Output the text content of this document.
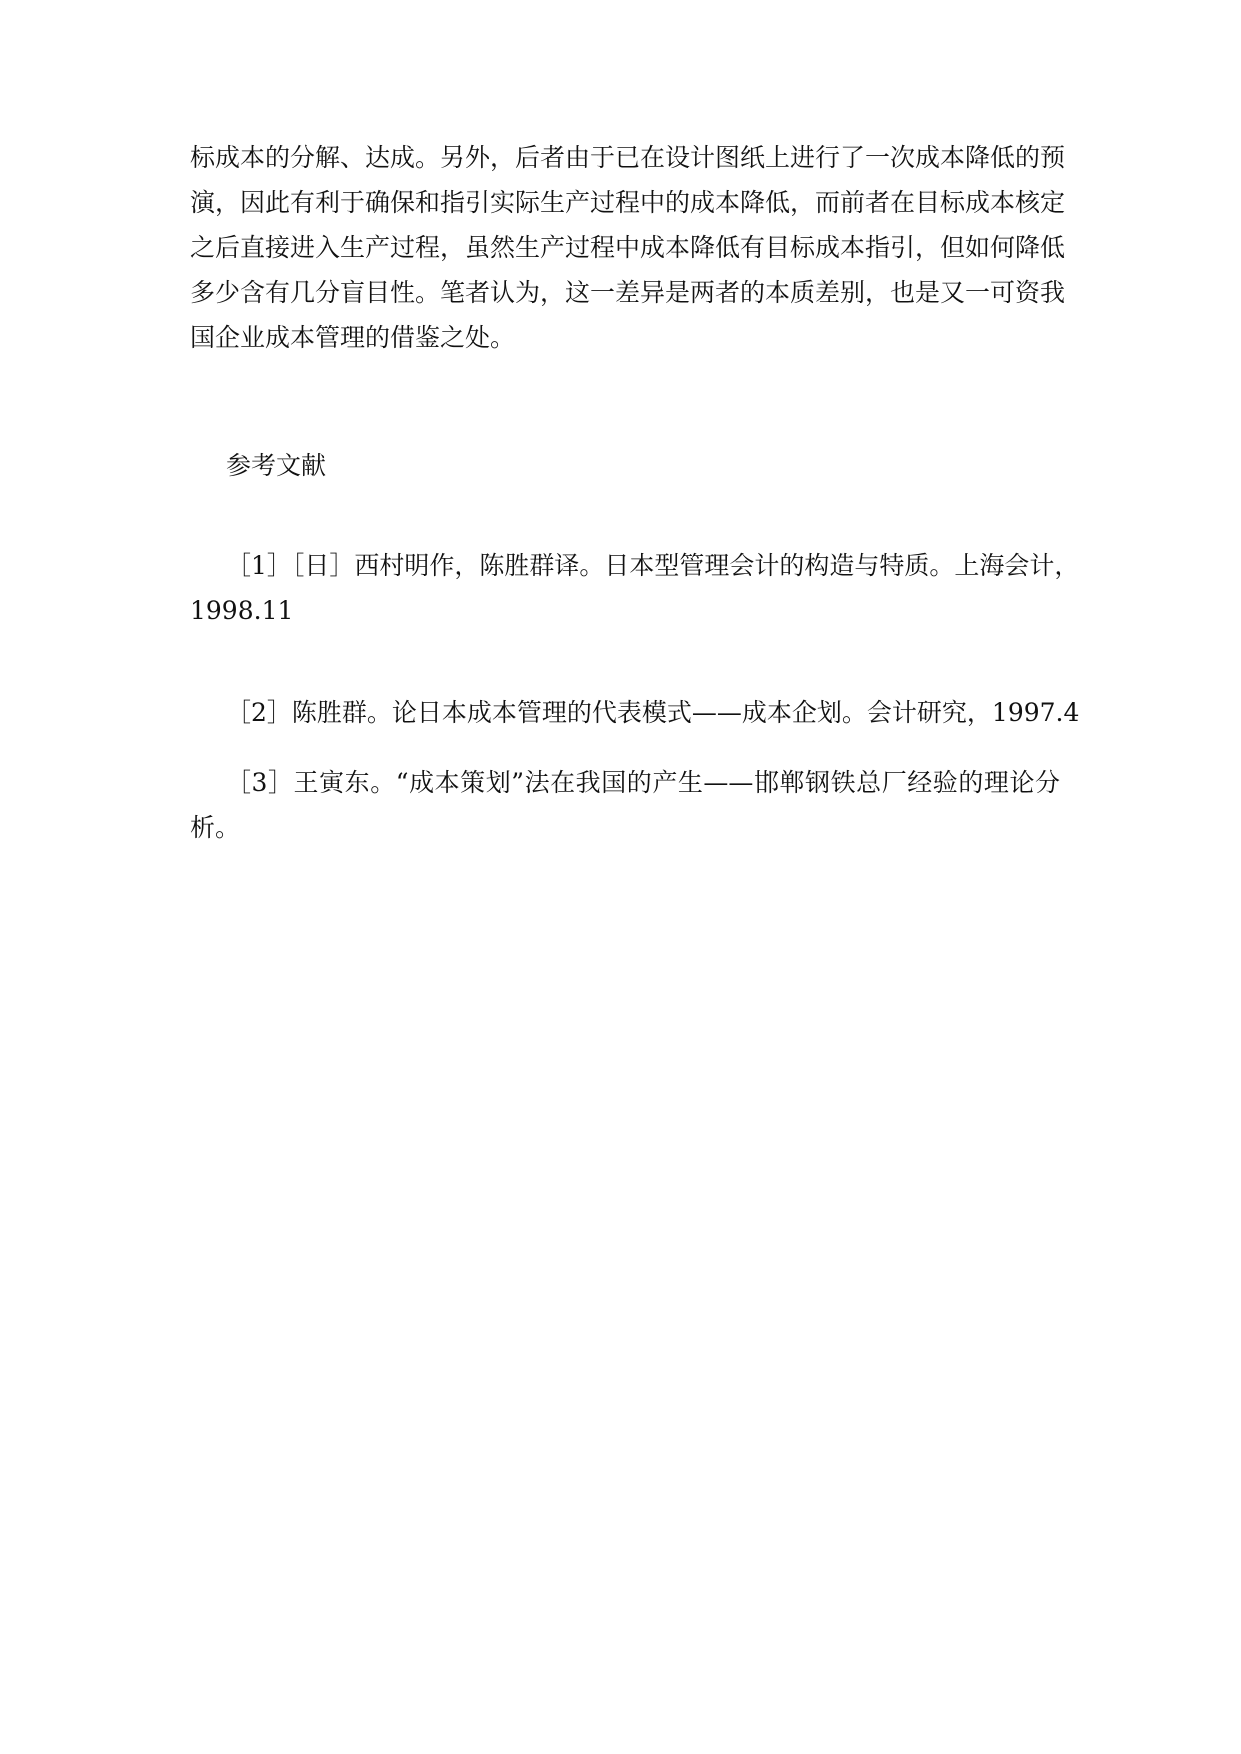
标成本的分解、达成。另外，后者由于已在设计图纸上进行了一次成本降低的预
演，因此有利于确保和指引实际生产过程中的成本降低，而前者在目标成本核定
之后直接进入生产过程，虽然生产过程中成本降低有目标成本指引，但如何降低
多少含有几分盲目性。笔者认为，这一差异是两者的本质差别，也是又一可资我
国企业成本管理的借鉴之处。
参考文献
［1］［日］西村明作，陈胜群译。日本型管理会计的构造与特质。上海会计，
1998.11
［2］陈胜群。论日本成本管理的代表模式——成本企划。会计研究，1997.4
［3］王寅东。“成本策划”法在我国的产生——邯郸钢铁总厂经验的理论分
析。
